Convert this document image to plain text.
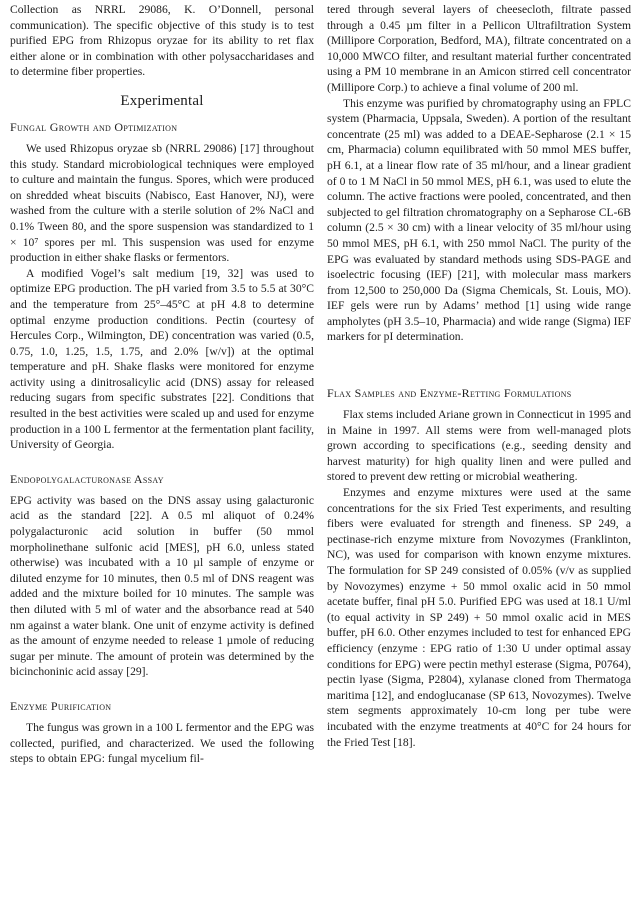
Collection as NRRL 29086, K. O’Donnell, personal communication). The specific objective of this study is to test purified EPG from Rhizopus oryzae for its ability to ret flax either alone or in combination with other polysaccharidases and to determine fiber properties.

Experimental
Fungal Growth and Optimization

We used Rhizopus oryzae sb (NRRL 29086) [17] throughout this study. Standard microbiological techniques were employed to culture and maintain the fungus. Spores, which were produced on shredded wheat biscuits (Nabisco, East Hanover, NJ), were washed from the culture with a sterile solution of 2% NaCl and 0.1% Tween 80, and the spore suspension was standardized to 1 × 10⁷ spores per ml. This suspension was used for enzyme production in either shake flasks or fermentors.

A modified Vogel’s salt medium [19, 32] was used to optimize EPG production. The pH varied from 3.5 to 5.5 at 30°C and the temperature from 25°–45°C at pH 4.8 to determine optimal enzyme production conditions. Pectin (courtesy of Hercules Corp., Wilmington, DE) concentration was varied (0.5, 0.75, 1.0, 1.25, 1.5, 1.75, and 2.0% [w/v]) at the optimal temperature and pH. Shake flasks were monitored for enzyme activity using a dinitrosalicylic acid (DNS) assay for released reducing sugars from specific substrates [22]. Conditions that resulted in the best activities were scaled up and used for enzyme production in a 100 L fermentor at the fermentation plant facility, University of Georgia.

Endopolygalacturonase Assay

EPG activity was based on the DNS assay using galacturonic acid as the standard [22]. A 0.5 ml aliquot of 0.24% polygalacturonic acid solution in buffer (50 mmol morpholinethane sulfonic acid [MES], pH 6.0, unless stated otherwise) was incubated with a 10 µl sample of enzyme or diluted enzyme for 10 minutes, then 0.5 ml of DNS reagent was added and the mixture boiled for 10 minutes. The sample was then diluted with 5 ml of water and the absorbance read at 540 nm against a water blank. One unit of enzyme activity is defined as the amount of enzyme needed to release 1 µmole of reducing sugar per minute. The amount of protein was determined by the bicinchoninic acid assay [29].

Enzyme Purification

The fungus was grown in a 100 L fermentor and the EPG was collected, purified, and characterized. We used the following steps to obtain EPG: fungal mycelium fil-

tered through several layers of cheesecloth, filtrate passed through a 0.45 µm filter in a Pellicon Ultrafiltration System (Millipore Corporation, Bedford, MA), filtrate concentrated on a 10,000 MWCO filter, and resultant material further concentrated using a PM 10 membrane in an Amicon stirred cell concentrator (Millipore Corp.) to achieve a final volume of 200 ml.

This enzyme was purified by chromatography using an FPLC system (Pharmacia, Uppsala, Sweden). A portion of the resultant concentrate (25 ml) was added to a DEAE-Sepharose (2.1 × 15 cm, Pharmacia) column equilibrated with 50 mmol MES buffer, pH 6.1, at a linear flow rate of 35 ml/hour, and a linear gradient of 0 to 1 M NaCl in 50 mmol MES, pH 6.1, was used to elute the column. The active fractions were pooled, concentrated, and then subjected to gel filtration chromatography on a Sepharose CL-6B column (2.5 × 30 cm) with a linear velocity of 35 ml/hour using 50 mmol MES, pH 6.1, with 250 mmol NaCl. The purity of the EPG was evaluated by standard methods using SDS-PAGE and isoelectric focusing (IEF) [21], with molecular mass markers from 12,500 to 250,000 Da (Sigma Chemicals, St. Louis, MO). IEF gels were run by Adams’ method [1] using wide range ampholytes (pH 3.5–10, Pharmacia) and wide range (Sigma) IEF markers for pI determination.

Flax Samples and Enzyme-Retting Formulations

Flax stems included Ariane grown in Connecticut in 1995 and in Maine in 1997. All stems were from well-managed plots grown according to specifications (e.g., seeding density and harvest maturity) for high quality linen and were pulled and stored to prevent dew retting or microbial weathering.

Enzymes and enzyme mixtures were used at the same concentrations for the six Fried Test experiments, and resulting fibers were evaluated for strength and fineness. SP 249, a pectinase-rich enzyme mixture from Novozymes (Franklinton, NC), was used for comparison with known enzyme mixtures. The formulation for SP 249 consisted of 0.05% (v/v as supplied by Novozymes) enzyme + 50 mmol oxalic acid in 50 mmol acetate buffer, final pH 5.0. Purified EPG was used at 18.1 U/ml (to equal activity in SP 249) + 50 mmol oxalic acid in MES buffer, pH 6.0. Other enzymes included to test for enhanced EPG efficiency (enzyme : EPG ratio of 1:30 U under optimal assay conditions for EPG) were pectin methyl esterase (Sigma, P0764), pectin lyase (Sigma, P2804), xylanase cloned from Thermatoga maritima [12], and endoglucanase (SP 613, Novozymes). Twelve stem segments approximately 10-cm long per tube were incubated with the enzyme treatments at 40°C for 24 hours for the Fried Test [18].
